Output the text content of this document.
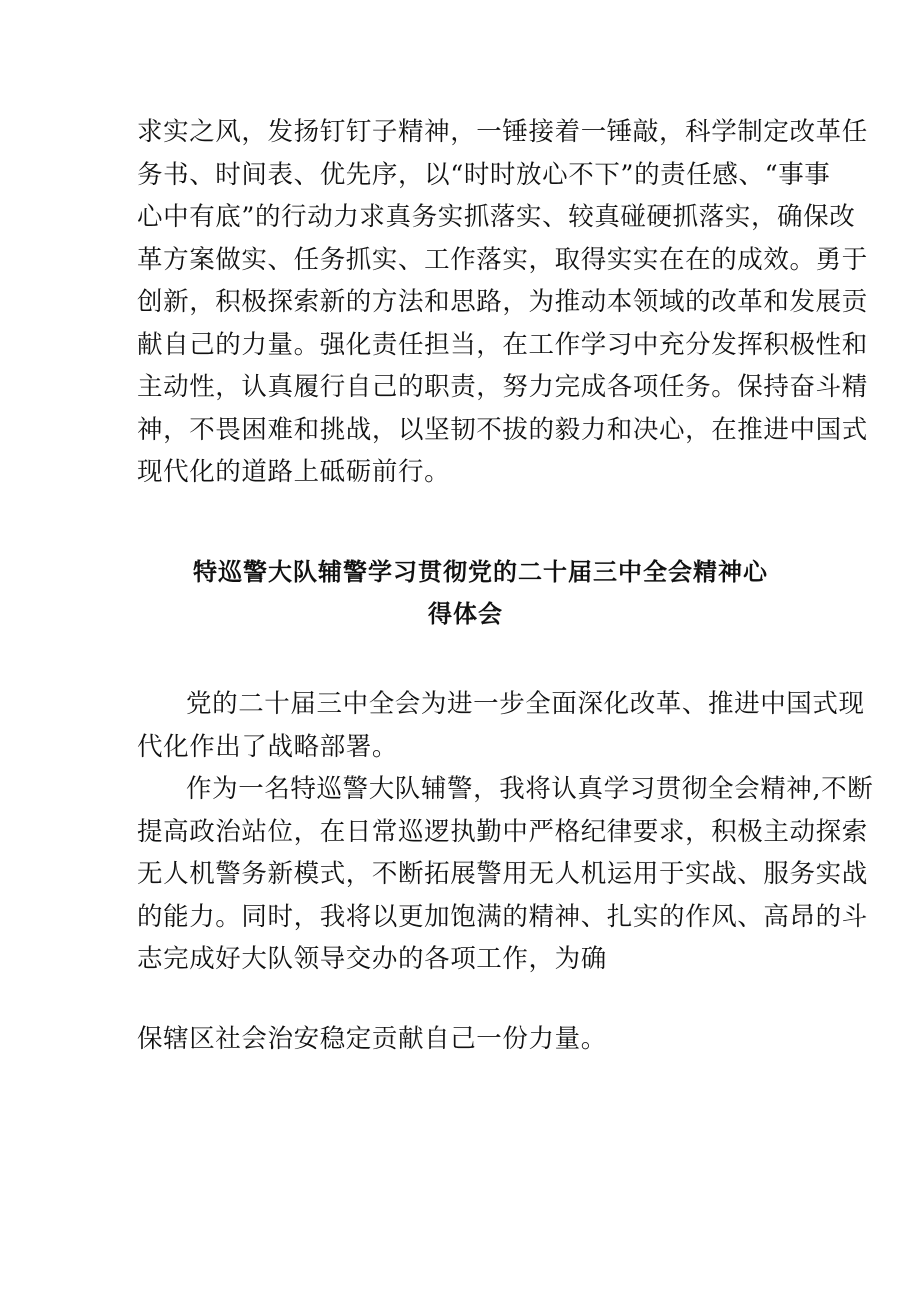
求实之风，发扬钉钉子精神，一锤接着一锤敲，科学制定改革任
务书、时间表、优先序，以“时时放心不下”的责任感、“事事
心中有底”的行动力求真务实抓落实、较真碰硬抓落实，确保改
革方案做实、任务抓实、工作落实，取得实实在在的成效。勇于
创新，积极探索新的方法和思路，为推动本领域的改革和发展贡
献自己的力量。强化责任担当，在工作学习中充分发挥积极性和
主动性，认真履行自己的职责，努力完成各项任务。保持奋斗精
神，不畏困难和挑战，以坚韧不拔的毅力和决心，在推进中国式
现代化的道路上砥砺前行。
特巡警大队辅警学习贯彻党的二十届三中全会精神心
得体会
党的二十届三中全会为进一步全面深化改革、推进中国式现
代化作出了战略部署。
作为一名特巡警大队辅警，我将认真学习贯彻全会精神,不断
提高政治站位，在日常巡逻执勤中严格纪律要求，积极主动探索
无人机警务新模式，不断拓展警用无人机运用于实战、服务实战
的能力。同时，我将以更加饱满的精神、扎实的作风、高昂的斗
志完成好大队领导交办的各项工作，为确
保辖区社会治安稳定贡献自己一份力量。
